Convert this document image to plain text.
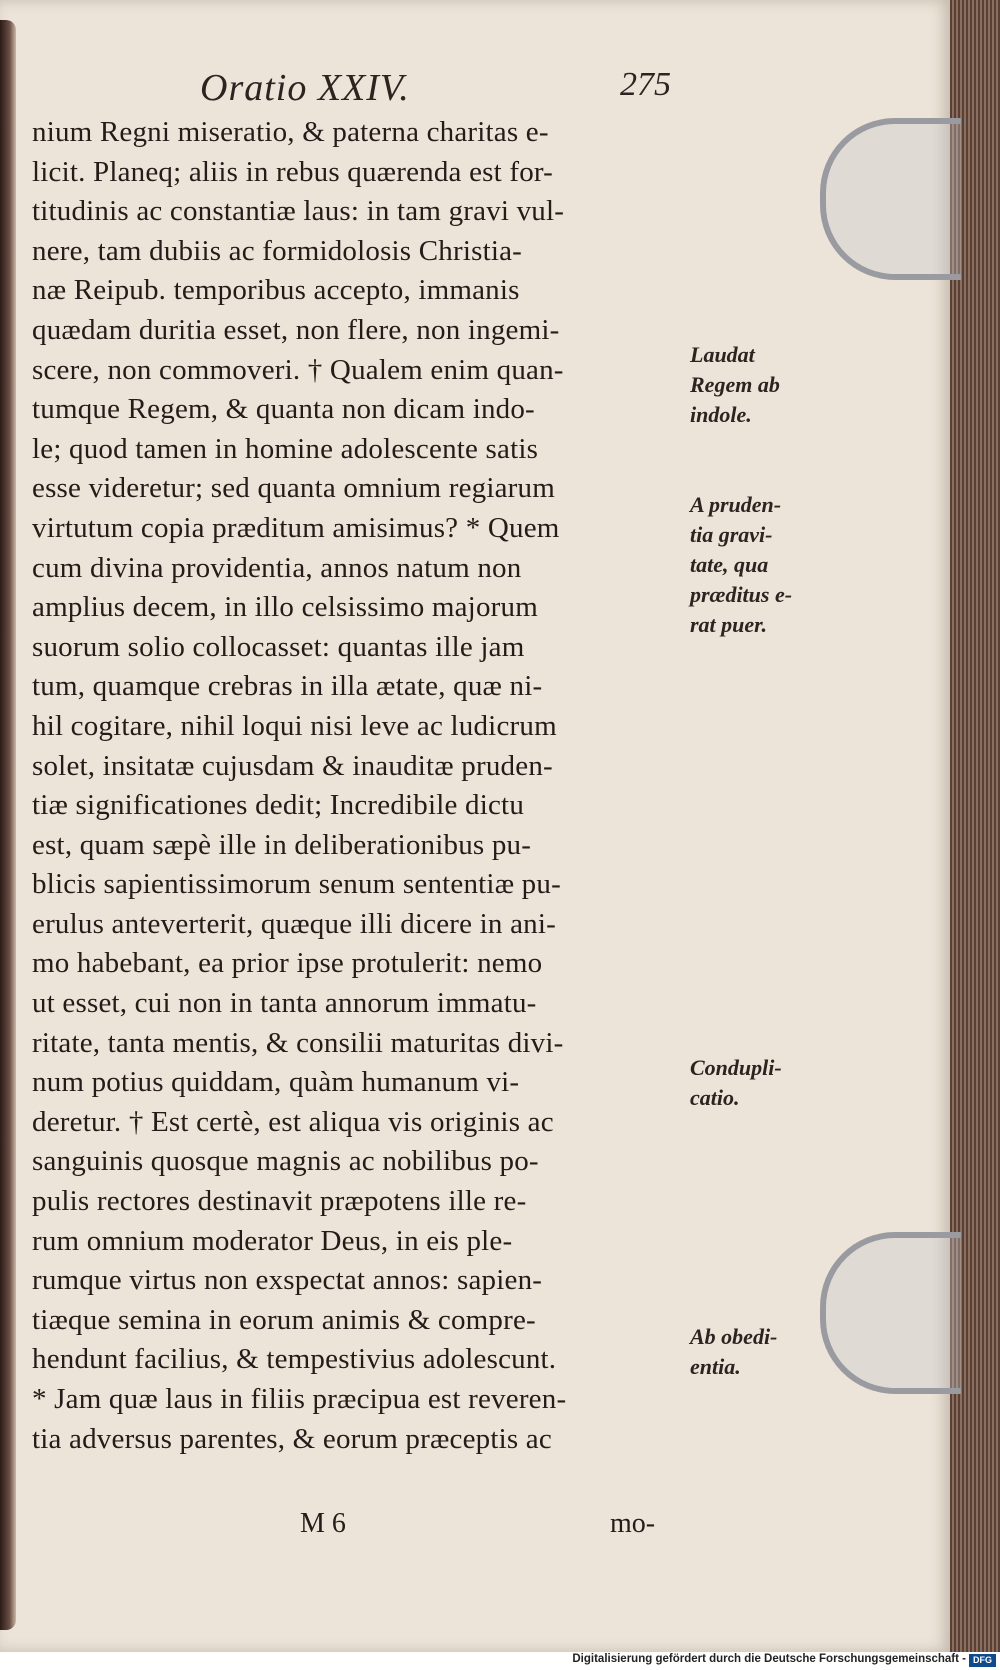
Oratio XXIV.	275
nium Regni miseratio, & paterna charitas e-
licit. Planeq; aliis in rebus quærenda est for-
titudinis ac constantiæ laus: in tam gravi vul-
nere, tam dubiis ac formidolosis Christia-
næ Reipub. temporibus accepto, immanis
quædam duritia esset, non flere, non ingemi-
scere, non commoveri. † Qualem enim quan-
tumque Regem, & quanta non dicam indo-
le; quod tamen in homine adolescente satis
esse videretur; sed quanta omnium regiarum
virtutum copia præditum amisimus? * Quem
cum divina providentia, annos natum non
amplius decem, in illo celsissimo majorum
suorum solio collocasset: quantas ille jam
tum, quamque crebras in illa ætate, quæ ni-
hil cogitare, nihil loqui nisi leve ac ludicrum
solet, insitatæ cujusdam & inauditæ pruden-
tiæ significationes dedit; Incredibile dictu
est, quam sæpè ille in deliberationibus pu-
blicis sapientissimorum senum sententiæ pu-
erulus anteverterit, quæque illi dicere in ani-
mo habebant, ea prior ipse protulerit: nemo
ut esset, cui non in tanta annorum immatu-
ritate, tanta mentis, & consilii maturitas divi-
num potius quiddam, quàm humanum vi-
deretur. † Est certè, est aliqua vis originis ac
sanguinis quosque magnis ac nobilibus po-
pulis rectores destinavit præpotens ille re-
rum omnium moderator Deus, in eis ple-
rumque virtus non exspectat annos: sapien-
tiæque semina in eorum animis & compre-
hendunt facilius, & tempestivius adolescunt.
* Jam quæ laus in filiis præcipua est reveren-
tia adversus parentes, & eorum præceptis ac
Laudat
Regem ab
indole.
A pruden-
tia gravi-
tate, qua
præditus e-
rat puer.
Condupli-
catio.
Ab obedi-
entia.
M 6	mo-
Digitalisierung gefördert durch die Deutsche Forschungsgemeinschaft - DFG
